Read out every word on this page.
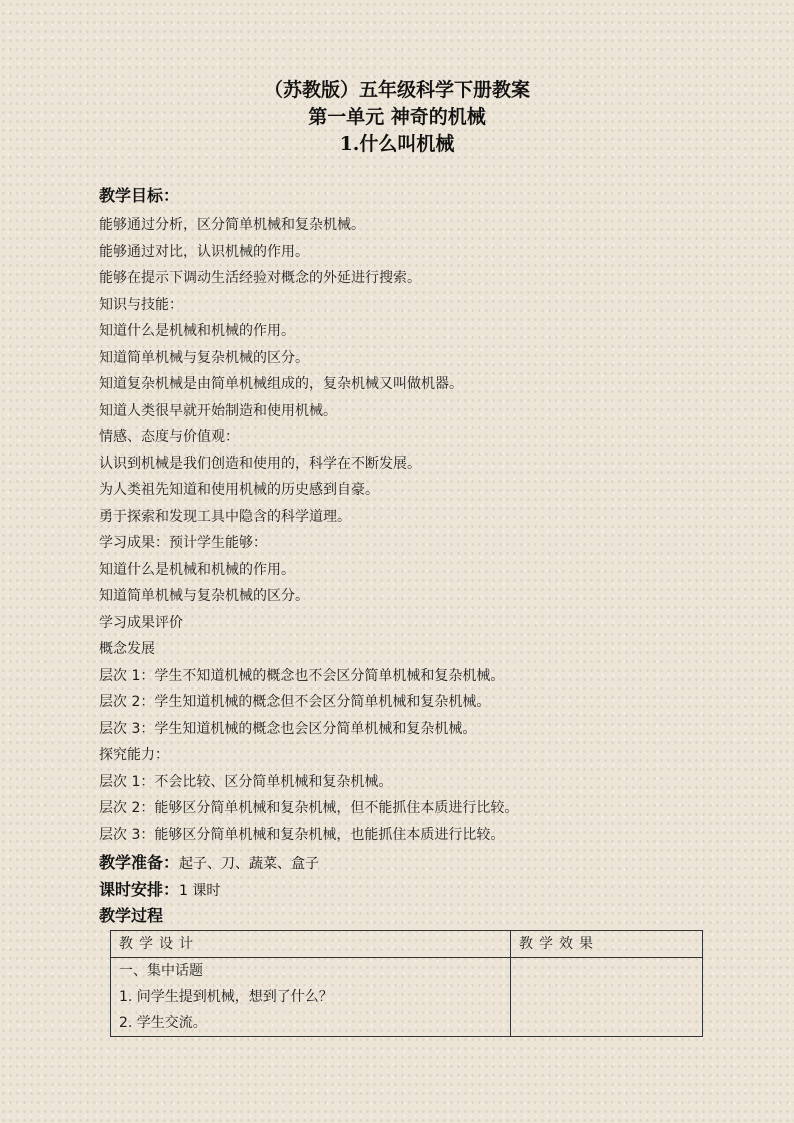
（苏教版）五年级科学下册教案
第一单元 神奇的机械
1.什么叫机械
教学目标：
能够通过分析，区分简单机械和复杂机械。
能够通过对比，认识机械的作用。
能够在提示下调动生活经验对概念的外延进行搜索。
知识与技能：
知道什么是机械和机械的作用。
知道简单机械与复杂机械的区分。
知道复杂机械是由简单机械组成的，复杂机械又叫做机器。
知道人类很早就开始制造和使用机械。
情感、态度与价值观：
认识到机械是我们创造和使用的，科学在不断发展。
为人类祖先知道和使用机械的历史感到自豪。
勇于探索和发现工具中隐含的科学道理。
学习成果：预计学生能够：
知道什么是机械和机械的作用。
知道简单机械与复杂机械的区分。
学习成果评价
概念发展
层次 1：学生不知道机械的概念也不会区分简单机械和复杂机械。
层次 2：学生知道机械的概念但不会区分简单机械和复杂机械。
层次 3：学生知道机械的概念也会区分简单机械和复杂机械。
探究能力：
层次 1：不会比较、区分简单机械和复杂机械。
层次 2：能够区分简单机械和复杂机械，但不能抓住本质进行比较。
层次 3：能够区分简单机械和复杂机械，也能抓住本质进行比较。
教学准备：起子、刀、蔬菜、盒子
课时安排：1 课时
教学过程
教学设计	教学效果

一、集中话题
1. 问学生提到机械，想到了什么？
2. 学生交流。	
